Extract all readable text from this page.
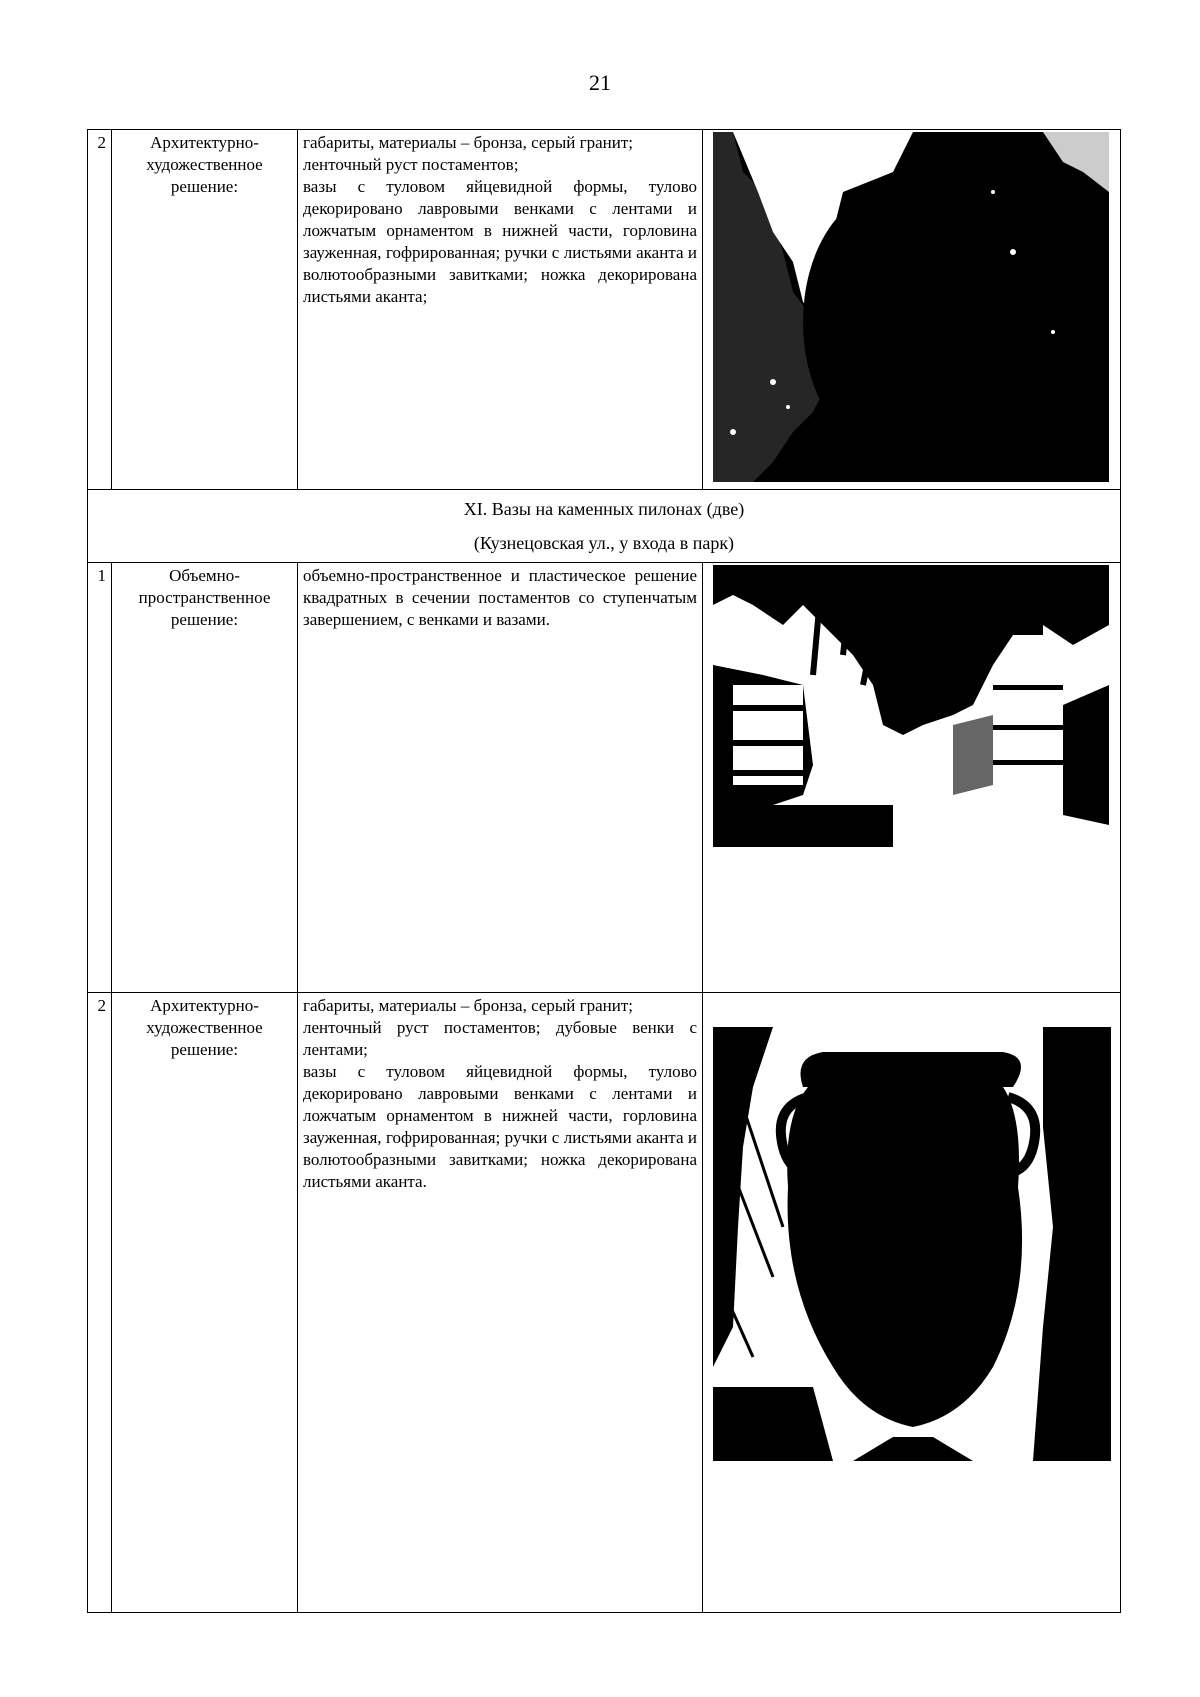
21
2	Архитектурно-художественное решение:	габариты, материалы – бронза, серый гранит;
ленточный руст постаментов;
вазы с туловом яйцевидной формы, тулово декорировано лавровыми венками с лентами и ложчатым орнаментом в нижней части, горловина зауженная, гофрированная; ручки с листьями аканта и волютообразными завитками; ножка декорирована листьями аканта;

XI. Вазы на каменных пилонах (две)
(Кузнецовская ул., у входа в парк)			

1	Объемно-пространственное решение:	объемно-пространственное и пластическое решение квадратных в сечении постаментов со ступенчатым завершением, с венками и вазами.

2	Архитектурно-художественное решение:	габариты, материалы – бронза, серый гранит;
ленточный руст постаментов; дубовые венки с лентами;
вазы с туловом яйцевидной формы, тулово декорировано лавровыми венками с лентами и ложчатым орнаментом в нижней части, горловина зауженная, гофрированная; ручки с листьями аканта и волютообразными завитками; ножка декорирована листьями аканта.
